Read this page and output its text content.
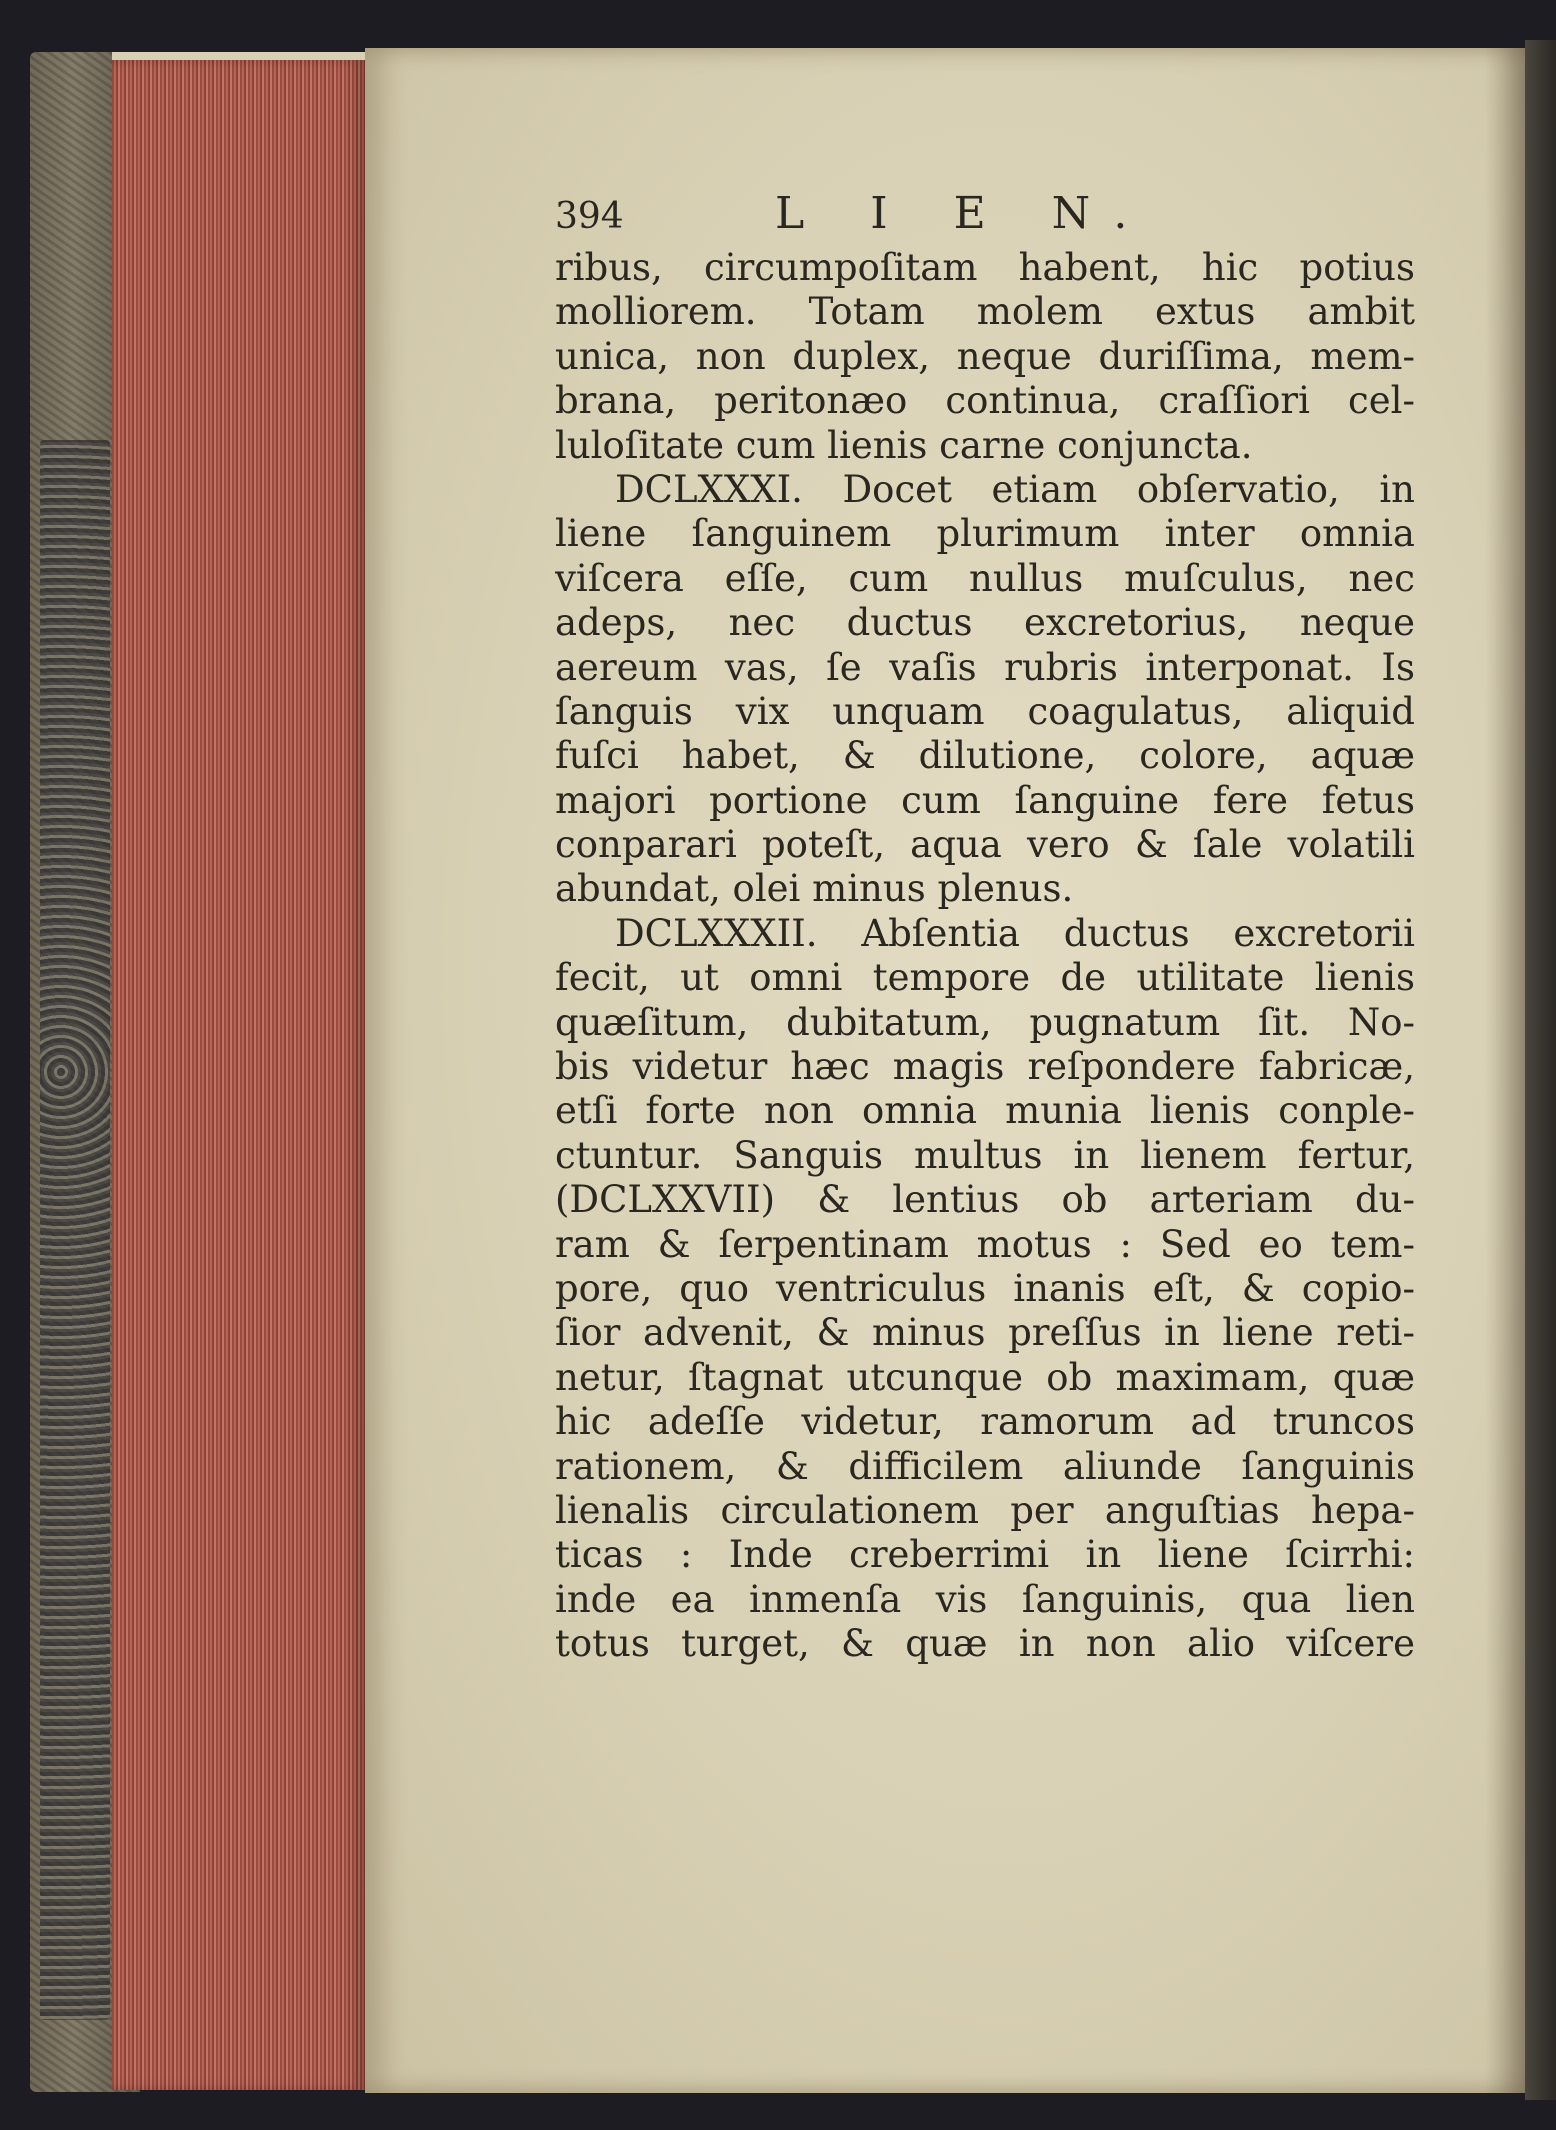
394	L I E N.
ribus, circumpoſitam habent, hic potius
molliorem. Totam molem extus ambit
unica, non duplex, neque duriſſima, mem-
brana, peritonæo continua, craſſiori cel-
luloſitate cum lienis carne conjuncta.
DCLXXXI. Docet etiam obſervatio, in
liene ſanguinem plurimum inter omnia
viſcera eſſe, cum nullus muſculus, nec
adeps, nec ductus excretorius, neque
aereum vas, ſe vaſis rubris interponat. Is
ſanguis vix unquam coagulatus, aliquid
fuſci habet, & dilutione, colore, aquæ
majori portione cum ſanguine fere fetus
conparari poteſt, aqua vero & ſale volatili
abundat, olei minus plenus.
DCLXXXII. Abſentia ductus excretorii
fecit, ut omni tempore de utilitate lienis
quæſitum, dubitatum, pugnatum ſit. No-
bis videtur hæc magis reſpondere fabricæ,
etſi forte non omnia munia lienis conple-
ctuntur. Sanguis multus in lienem fertur,
(DCLXXVII) & lentius ob arteriam du-
ram & ſerpentinam motus : Sed eo tem-
pore, quo ventriculus inanis eſt, & copio-
ſior advenit, & minus preſſus in liene reti-
netur, ſtagnat utcunque ob maximam, quæ
hic adeſſe videtur, ramorum ad truncos
rationem, & difficilem aliunde ſanguinis
lienalis circulationem per anguſtias hepa-
ticas : Inde creberrimi in liene ſcirrhi:
inde ea inmenſa vis ſanguinis, qua lien
totus turget, & quæ in non alio viſcere
